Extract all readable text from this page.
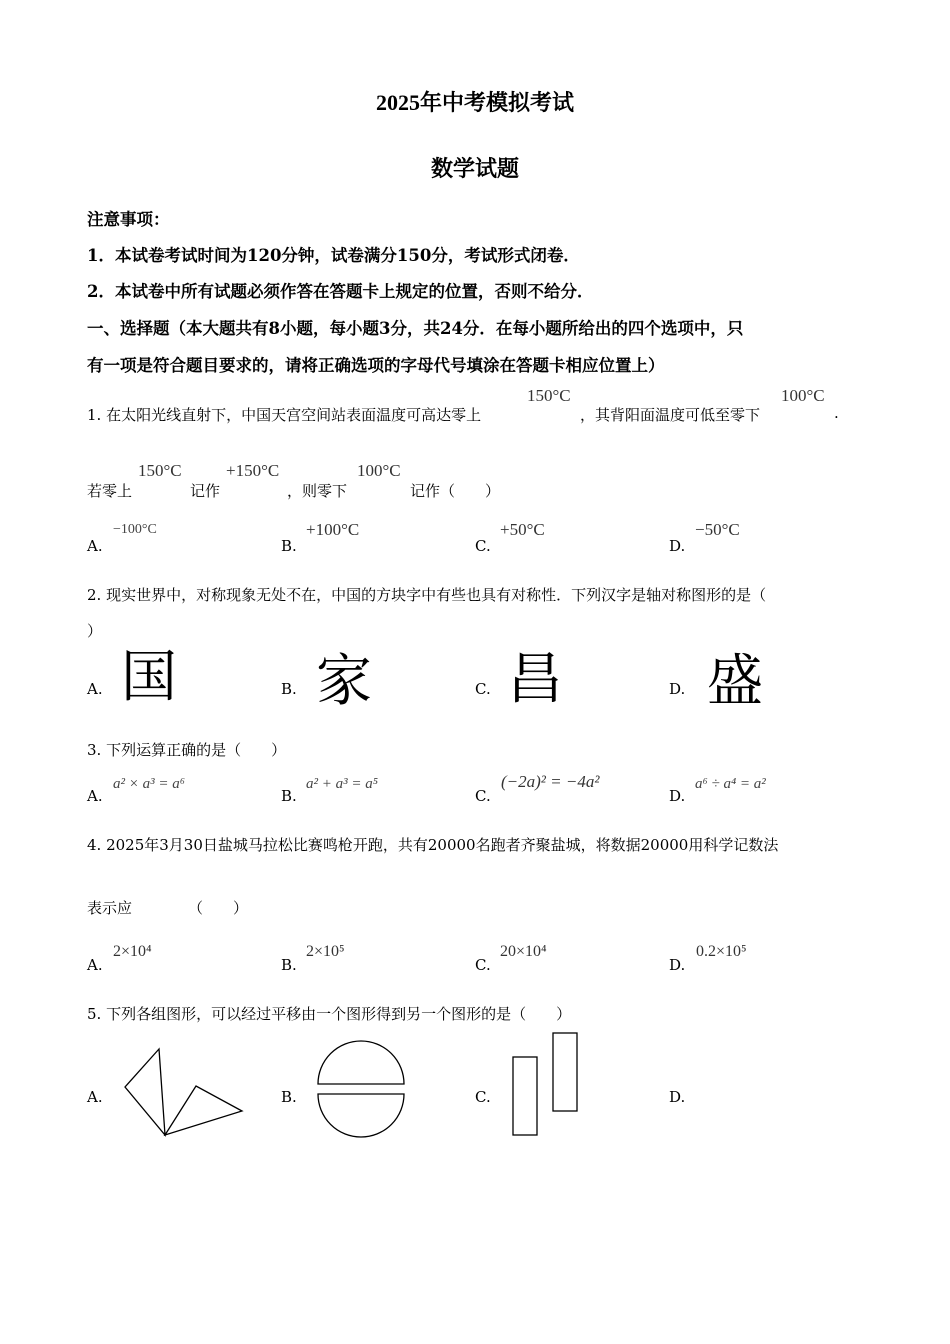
2025年中考模拟考试
数学试题
注意事项：
1．本试卷考试时间为120分钟，试卷满分150分，考试形式闭卷．
2．本试卷中所有试题必须作答在答题卡上规定的位置，否则不给分．
一、选择题（本大题共有8小题，每小题3分，共24分．在每小题所给出的四个选项中，只
有一项是符合题目要求的，请将正确选项的字母代号填涂在答题卡相应位置上）
1. 在太阳光线直射下，中国天宫空间站表面温度可高达零上
150°C
，其背阳面温度可低至零下
100°C
.
若零上
150°C
记作
+150°C
，则零下
100°C
记作（　　）
A.
−100°C
B.
+100°C
C.
+50°C
D.
−50°C
2. 现实世界中，对称现象无处不在，中国的方块字中有些也具有对称性．下列汉字是轴对称图形的是（
）
A. 国	B. 家	C. 昌	D. 盛
3. 下列运算正确的是（　　）
A.
a² × a³ = a⁶
B.
a² + a³ = a⁵
C.
(−2a)² = −4a²
D.
a⁶ ÷ a⁴ = a²
4. 2025年3月30日盐城马拉松比赛鸣枪开跑，共有20000名跑者齐聚盐城，将数据20000用科学记数法
表示应	（　　）
A.
2×10⁴
B.
2×10⁵
C.
20×10⁴
D.
0.2×10⁵
5. 下列各组图形，可以经过平移由一个图形得到另一个图形的是（　　）
A.	B.	C.	D.
